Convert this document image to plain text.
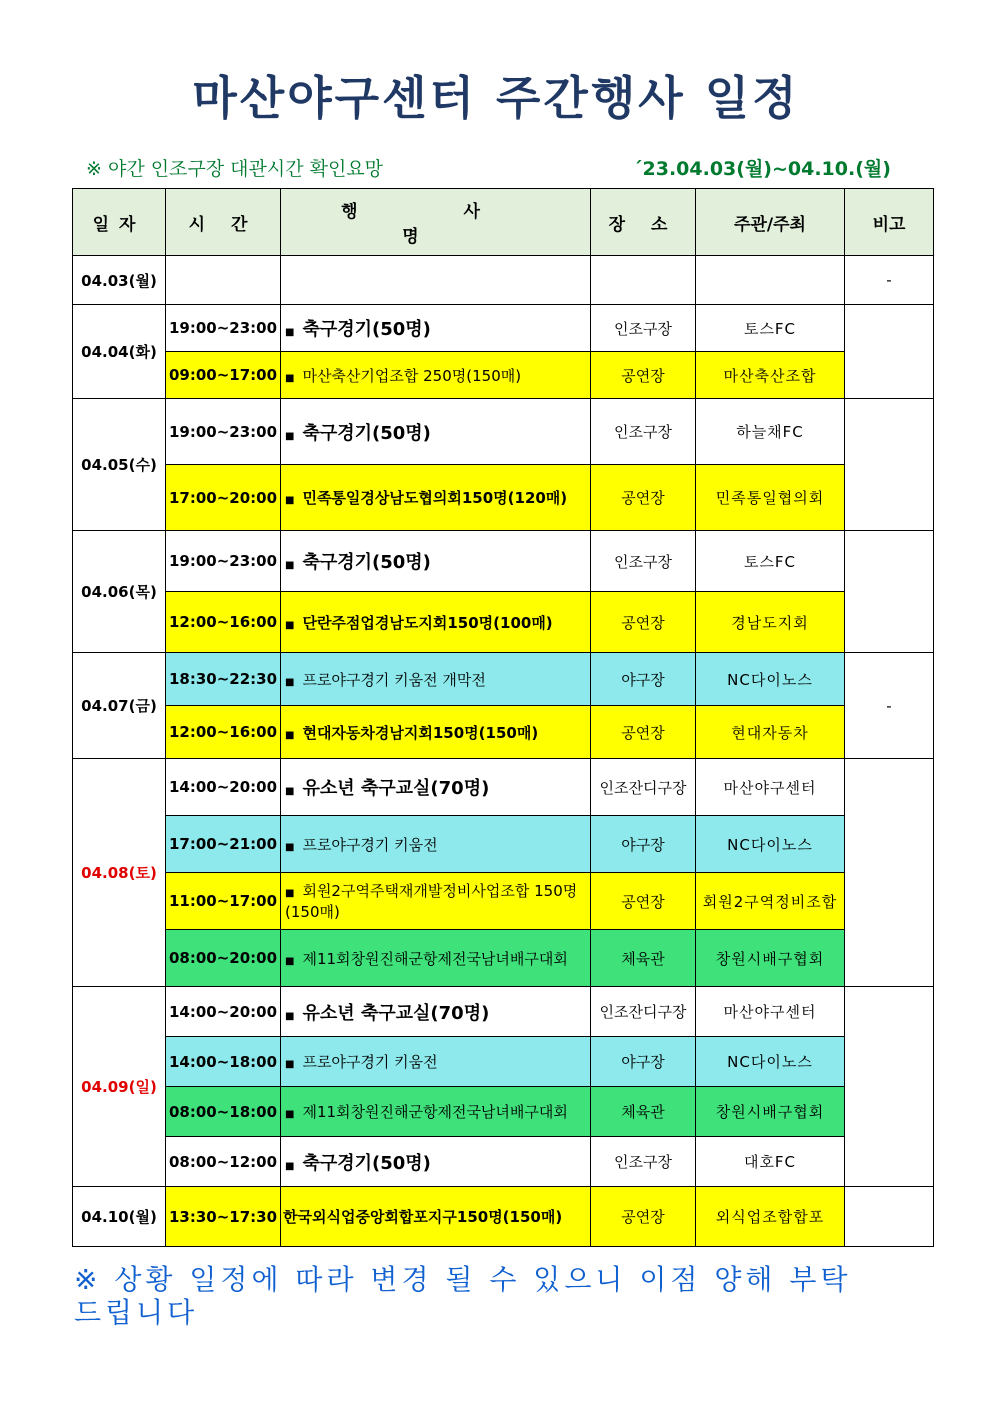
마산야구센터 주간행사 일정
※ 야간 인조구장 대관시간 확인요망	´23.04.03(월)~04.10.(월)
일자	시 간	행 사 명	장 소	주관/주최	비고
04.03(월)					-
04.04(화)	19:00~23:00	■ 축구경기(50명)	인조구장	토스FC	
	09:00~17:00	■ 마산축산기업조합 250명(150매)	공연장	마산축산조합	
04.05(수)	19:00~23:00	■ 축구경기(50명)	인조구장	하늘채FC	
	17:00~20:00	■ 민족통일경상남도협의회150명(120매)	공연장	민족통일협의회	
04.06(목)	19:00~23:00	■ 축구경기(50명)	인조구장	토스FC	
	12:00~16:00	■ 단란주점업경남도지회150명(100매)	공연장	경남도지회	
04.07(금)	18:30~22:30	■ 프로야구경기 키움전 개막전	야구장	NC다이노스	-
	12:00~16:00	■ 현대자동차경남지회150명(150매)	공연장	현대자동차	
04.08(토)	14:00~20:00	■ 유소년 축구교실(70명)	인조잔디구장	마산야구센터	
	17:00~21:00	■ 프로야구경기 키움전	야구장	NC다이노스	
	11:00~17:00	■ 회원2구역주택재개발정비사업조합 150명(150매)	공연장	회원2구역정비조합	
	08:00~20:00	■ 제11회창원진해군항제전국남녀배구대회	체육관	창원시배구협회	
04.09(일)	14:00~20:00	■ 유소년 축구교실(70명)	인조잔디구장	마산야구센터	
	14:00~18:00	■ 프로야구경기 키움전	야구장	NC다이노스	
	08:00~18:00	■ 제11회창원진해군항제전국남녀배구대회	체육관	창원시배구협회	
	08:00~12:00	■ 축구경기(50명)	인조구장	대호FC	
04.10(월)	13:30~17:30	한국외식업중앙회합포지구150명(150매)	공연장	외식업조합합포	
※ 상황 일정에 따라 변경 될 수 있으니 이점 양해 부탁드립니다
